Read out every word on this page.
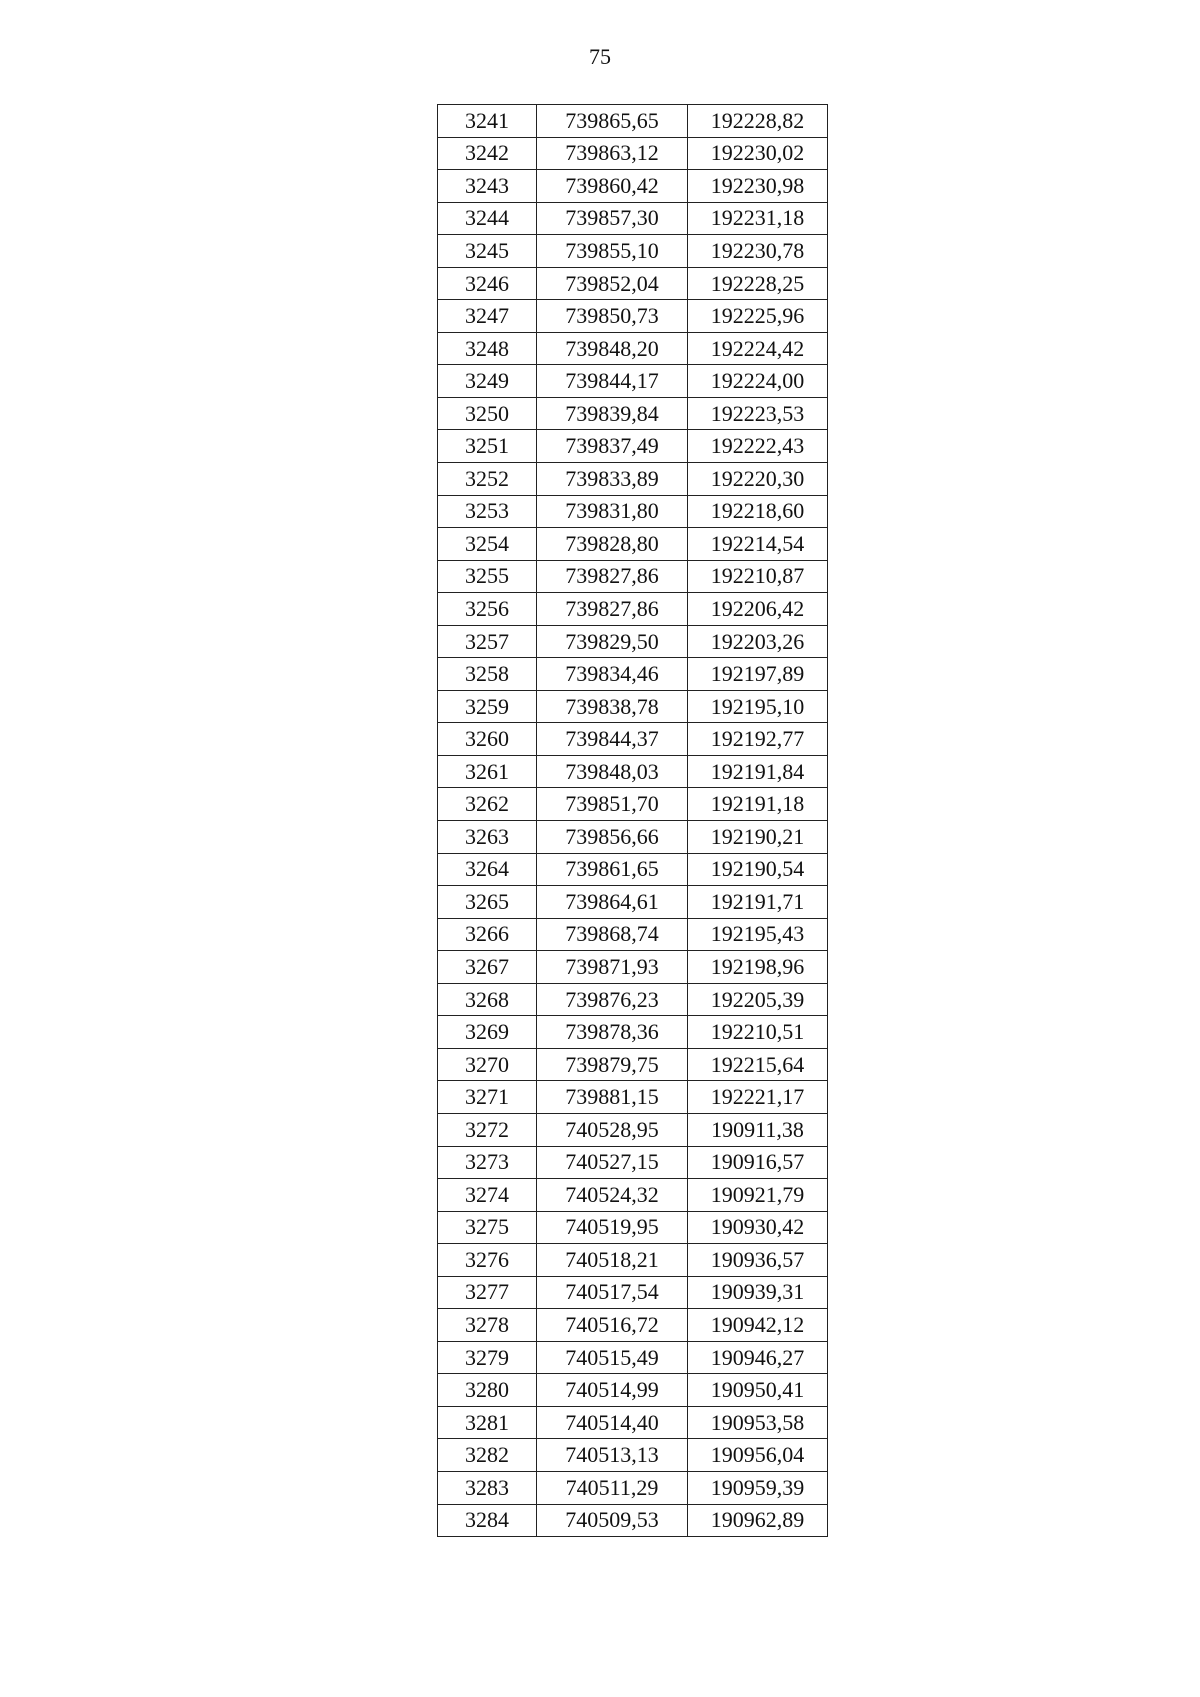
75
3241	739865,65	192228,82
3242	739863,12	192230,02
3243	739860,42	192230,98
3244	739857,30	192231,18
3245	739855,10	192230,78
3246	739852,04	192228,25
3247	739850,73	192225,96
3248	739848,20	192224,42
3249	739844,17	192224,00
3250	739839,84	192223,53
3251	739837,49	192222,43
3252	739833,89	192220,30
3253	739831,80	192218,60
3254	739828,80	192214,54
3255	739827,86	192210,87
3256	739827,86	192206,42
3257	739829,50	192203,26
3258	739834,46	192197,89
3259	739838,78	192195,10
3260	739844,37	192192,77
3261	739848,03	192191,84
3262	739851,70	192191,18
3263	739856,66	192190,21
3264	739861,65	192190,54
3265	739864,61	192191,71
3266	739868,74	192195,43
3267	739871,93	192198,96
3268	739876,23	192205,39
3269	739878,36	192210,51
3270	739879,75	192215,64
3271	739881,15	192221,17
3272	740528,95	190911,38
3273	740527,15	190916,57
3274	740524,32	190921,79
3275	740519,95	190930,42
3276	740518,21	190936,57
3277	740517,54	190939,31
3278	740516,72	190942,12
3279	740515,49	190946,27
3280	740514,99	190950,41
3281	740514,40	190953,58
3282	740513,13	190956,04
3283	740511,29	190959,39
3284	740509,53	190962,89
